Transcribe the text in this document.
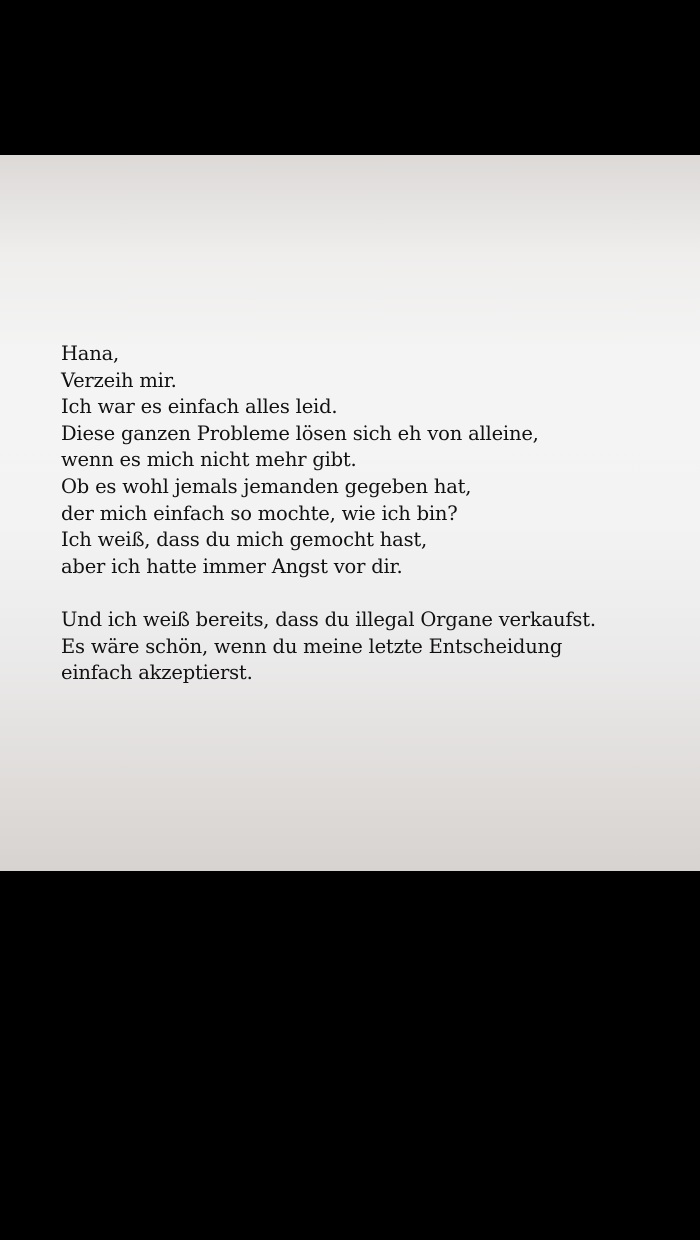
Hana,
Verzeih mir.
Ich war es einfach alles leid.
Diese ganzen Probleme lösen sich eh von alleine,
wenn es mich nicht mehr gibt.
Ob es wohl jemals jemanden gegeben hat,
der mich einfach so mochte, wie ich bin?
Ich weiß, dass du mich gemocht hast,
aber ich hatte immer Angst vor dir.

Und ich weiß bereits, dass du illegal Organe verkaufst.
Es wäre schön, wenn du meine letzte Entscheidung
einfach akzeptierst.
